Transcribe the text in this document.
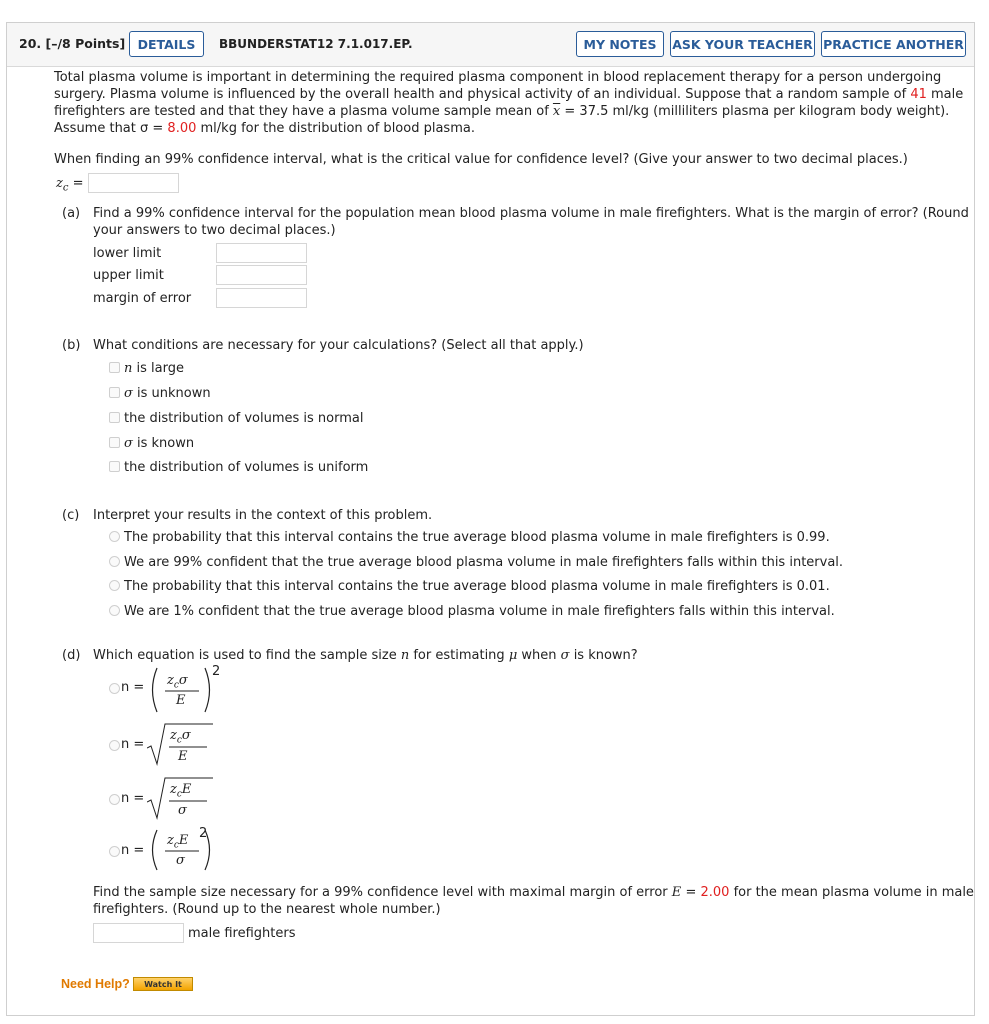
20. [–/8 Points] DETAILS	BBUNDERSTAT12 7.1.017.EP.	MY NOTES	ASK YOUR TEACHER PRACTICE ANOTHER
Total plasma volume is important in determining the required plasma component in blood replacement therapy for a person undergoing
surgery. Plasma volume is influenced by the overall health and physical activity of an individual. Suppose that a random sample of 41 male
firefighters are tested and that they have a plasma volume sample mean of $\overline{x} = 37.5$ ml/kg (milliliters plasma per kilogram body weight).
Assume that σ = 8.00 ml/kg for the distribution of blood plasma.
When finding an 99% confidence interval, what is the critical value for confidence level? (Give your answer to two decimal places.)
$z_c$ =
(a) Find a 99% confidence interval for the population mean blood plasma volume in male firefighters. What is the margin of error? (Round
your answers to two decimal places.)
lower limit
upper limit
margin of error
(b) What conditions are necessary for your calculations? (Select all that apply.)
n is large
σ is unknown
the distribution of volumes is normal
σ is known
the distribution of volumes is uniform
(c) Interpret your results in the context of this problem.
The probability that this interval contains the true average blood plasma volume in male firefighters is 0.99.
We are 99% confident that the true average blood plasma volume in male firefighters falls within this interval.
The probability that this interval contains the true average blood plasma volume in male firefighters is 0.01.
We are 1% confident that the true average blood plasma volume in male firefighters falls within this interval.
(d) Which equation is used to find the sample size n for estimating μ when σ is known?
$n = z_c\sigma$
E
2
n =
$z_c\sigma$
E
n =
$z_cE$
σ
n =
$z_cE$
σ
2
Find the sample size necessary for a 99% confidence level with maximal margin of error E = 2.00 for the mean plasma volume in male
firefighters. (Round up to the nearest whole number.)
male firefighters
Need Help?	Watch It
